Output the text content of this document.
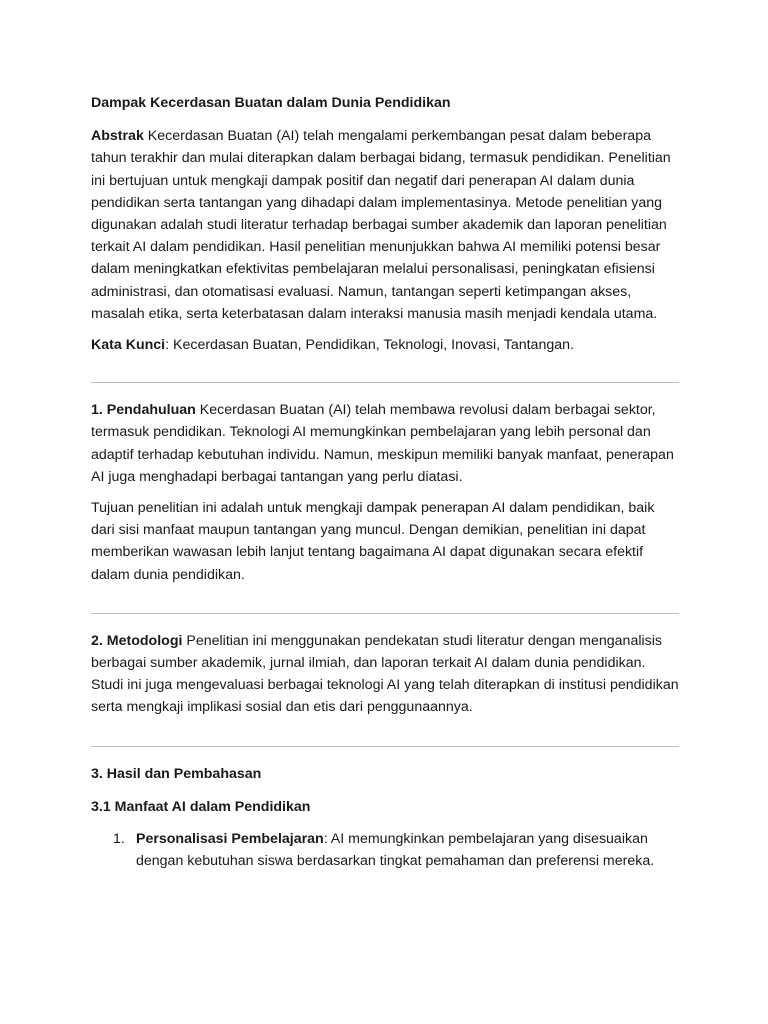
Dampak Kecerdasan Buatan dalam Dunia Pendidikan

Abstrak Kecerdasan Buatan (AI) telah mengalami perkembangan pesat dalam beberapa tahun terakhir dan mulai diterapkan dalam berbagai bidang, termasuk pendidikan. Penelitian ini bertujuan untuk mengkaji dampak positif dan negatif dari penerapan AI dalam dunia pendidikan serta tantangan yang dihadapi dalam implementasinya. Metode penelitian yang digunakan adalah studi literatur terhadap berbagai sumber akademik dan laporan penelitian terkait AI dalam pendidikan. Hasil penelitian menunjukkan bahwa AI memiliki potensi besar dalam meningkatkan efektivitas pembelajaran melalui personalisasi, peningkatan efisiensi administrasi, dan otomatisasi evaluasi. Namun, tantangan seperti ketimpangan akses, masalah etika, serta keterbatasan dalam interaksi manusia masih menjadi kendala utama.

Kata Kunci: Kecerdasan Buatan, Pendidikan, Teknologi, Inovasi, Tantangan.

1. Pendahuluan Kecerdasan Buatan (AI) telah membawa revolusi dalam berbagai sektor, termasuk pendidikan. Teknologi AI memungkinkan pembelajaran yang lebih personal dan adaptif terhadap kebutuhan individu. Namun, meskipun memiliki banyak manfaat, penerapan AI juga menghadapi berbagai tantangan yang perlu diatasi.

Tujuan penelitian ini adalah untuk mengkaji dampak penerapan AI dalam pendidikan, baik dari sisi manfaat maupun tantangan yang muncul. Dengan demikian, penelitian ini dapat memberikan wawasan lebih lanjut tentang bagaimana AI dapat digunakan secara efektif dalam dunia pendidikan.

2. Metodologi Penelitian ini menggunakan pendekatan studi literatur dengan menganalisis berbagai sumber akademik, jurnal ilmiah, dan laporan terkait AI dalam dunia pendidikan. Studi ini juga mengevaluasi berbagai teknologi AI yang telah diterapkan di institusi pendidikan serta mengkaji implikasi sosial dan etis dari penggunaannya.

3. Hasil dan Pembahasan

3.1 Manfaat AI dalam Pendidikan

1. Personalisasi Pembelajaran: AI memungkinkan pembelajaran yang disesuaikan dengan kebutuhan siswa berdasarkan tingkat pemahaman dan preferensi mereka.
